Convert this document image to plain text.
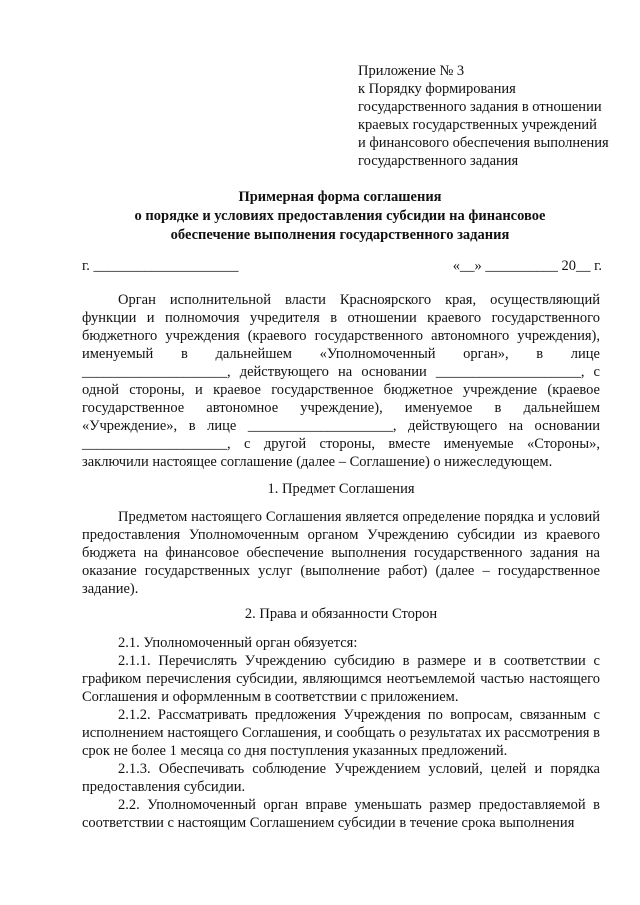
Приложение № 3
к Порядку формирования
государственного задания в отношении
краевых государственных учреждений
и финансового обеспечения выполнения
государственного задания
Примерная форма соглашения
о порядке и условиях предоставления субсидии на финансовое
обеспечение выполнения государственного задания
г. ____________________	«__» __________ 20__ г.

Орган исполнительной власти Красноярского края, осуществляющий функции и полномочия учредителя в отношении краевого государственного бюджетного учреждения (краевого государственного автономного учреждения), именуемый в дальнейшем «Уполномоченный орган», в лице ____________________, действующего на основании ____________________, с одной стороны, и краевое государственное бюджетное учреждение (краевое государственное автономное учреждение), именуемое в дальнейшем «Учреждение», в лице ____________________, действующего на основании ____________________, с другой стороны, вместе именуемые «Стороны», заключили настоящее соглашение (далее – Соглашение) о нижеследующем.

1. Предмет Соглашения

Предметом настоящего Соглашения является определение порядка и условий предоставления Уполномоченным органом Учреждению субсидии из краевого бюджета на финансовое обеспечение выполнения государственного задания на оказание государственных услуг (выполнение работ) (далее – государственное задание).

2. Права и обязанности Сторон

2.1. Уполномоченный орган обязуется:

2.1.1. Перечислять Учреждению субсидию в размере и в соответствии с графиком перечисления субсидии, являющимся неотъемлемой частью настоящего Соглашения и оформленным в соответствии с приложением.

2.1.2. Рассматривать предложения Учреждения по вопросам, связанным с исполнением настоящего Соглашения, и сообщать о результатах их рассмотрения в срок не более 1 месяца со дня поступления указанных предложений.

2.1.3. Обеспечивать соблюдение Учреждением условий, целей и порядка предоставления субсидии.

2.2. Уполномоченный орган вправе уменьшать размер предоставляемой в соответствии с настоящим Соглашением субсидии в течение срока выполнения
